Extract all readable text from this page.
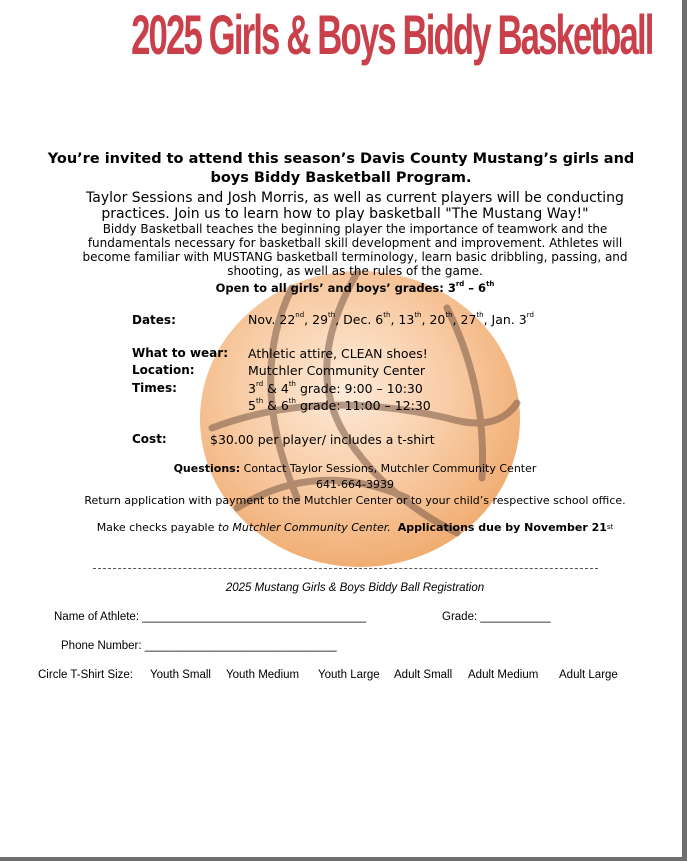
2025 Girls & Boys Biddy Basketball
You’re invited to attend this season’s Davis County Mustang’s girls and
boys Biddy Basketball Program.
Taylor Sessions and Josh Morris, as well as current players will be conducting
practices. Join us to learn how to play basketball "The Mustang Way!"
Biddy Basketball teaches the beginning player the importance of teamwork and the
fundamentals necessary for basketball skill development and improvement. Athletes will
become familiar with MUSTANG basketball terminology, learn basic dribbling, passing, and
shooting, as well as the rules of the game.
Open to all girls’ and boys’ grades: 3rd – 6th
Dates:	Nov. 22nd, 29th, Dec. 6th, 13th, 20th, 27th, Jan. 3rd
What to wear: Athletic attire, CLEAN shoes!
Location:	Mutchler Community Center
Times:	3rd & 4th grade: 9:00 – 10:30
5th & 6th grade: 11:00 – 12:30
Cost:	$30.00 per player/ includes a t-shirt
Questions: Contact Taylor Sessions, Mutchler Community Center
641-664-3939
Return application with payment to the Mutchler Center or to your child’s respective school office.
Make checks payable to Mutchler Community Center. Applications due by November 21st
2025 Mustang Girls & Boys Biddy Ball Registration
Name of Athlete: ___________________________________	Grade: ___________
Phone Number: ______________________________
Circle T-Shirt Size: Youth Small Youth Medium Youth Large Adult Small Adult Medium Adult Large
